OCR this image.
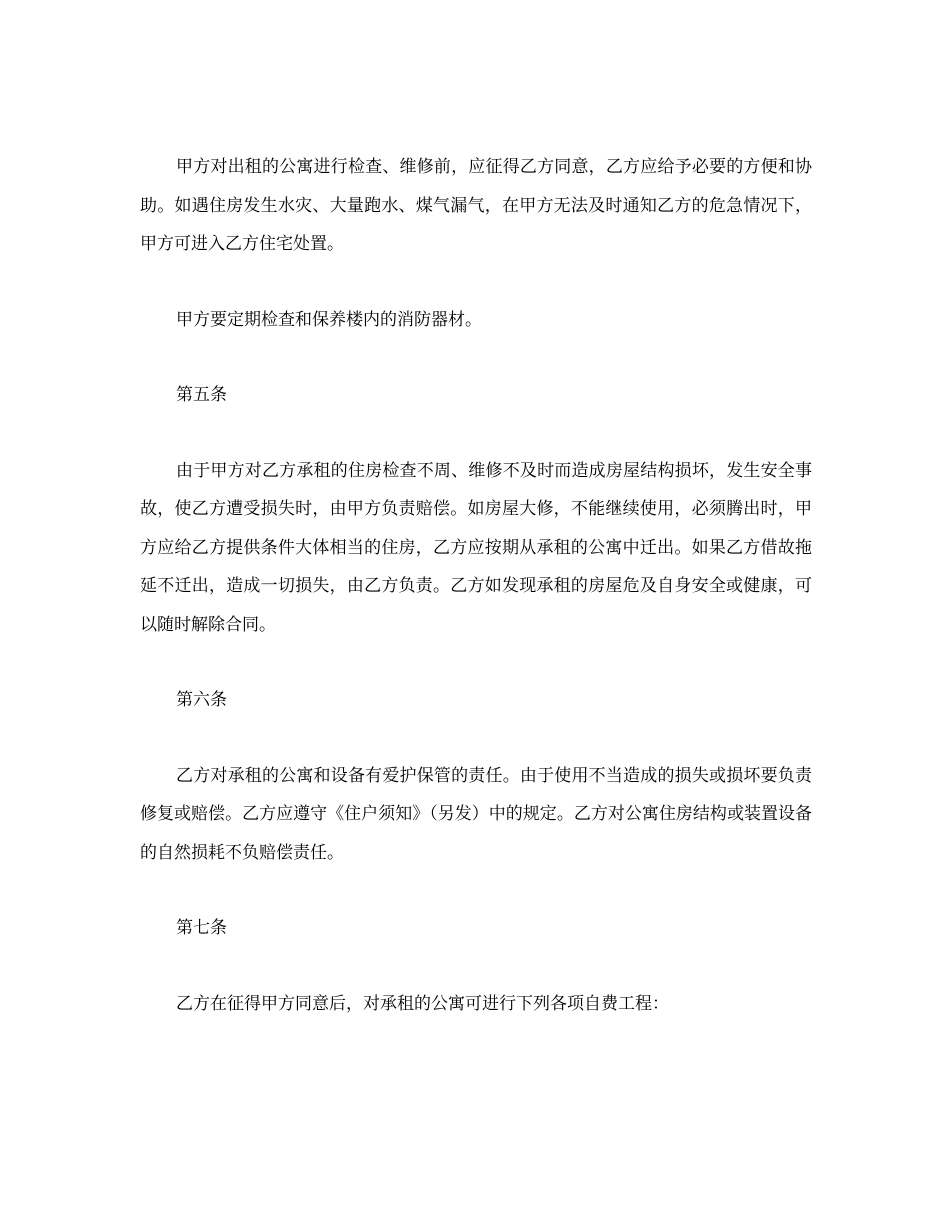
甲方对出租的公寓进行检查、维修前，应征得乙方同意，乙方应给予必要的方便和协助。如遇住房发生水灾、大量跑水、煤气漏气，在甲方无法及时通知乙方的危急情况下，甲方可进入乙方住宅处置。

甲方要定期检查和保养楼内的消防器材。

第五条

由于甲方对乙方承租的住房检查不周、维修不及时而造成房屋结构损坏，发生安全事故，使乙方遭受损失时，由甲方负责赔偿。如房屋大修，不能继续使用，必须腾出时，甲方应给乙方提供条件大体相当的住房，乙方应按期从承租的公寓中迁出。如果乙方借故拖延不迁出，造成一切损失，由乙方负责。乙方如发现承租的房屋危及自身安全或健康，可以随时解除合同。

第六条

乙方对承租的公寓和设备有爱护保管的责任。由于使用不当造成的损失或损坏要负责修复或赔偿。乙方应遵守《住户须知》（另发）中的规定。乙方对公寓住房结构或装置设备的自然损耗不负赔偿责任。

第七条

乙方在征得甲方同意后，对承租的公寓可进行下列各项自费工程：
